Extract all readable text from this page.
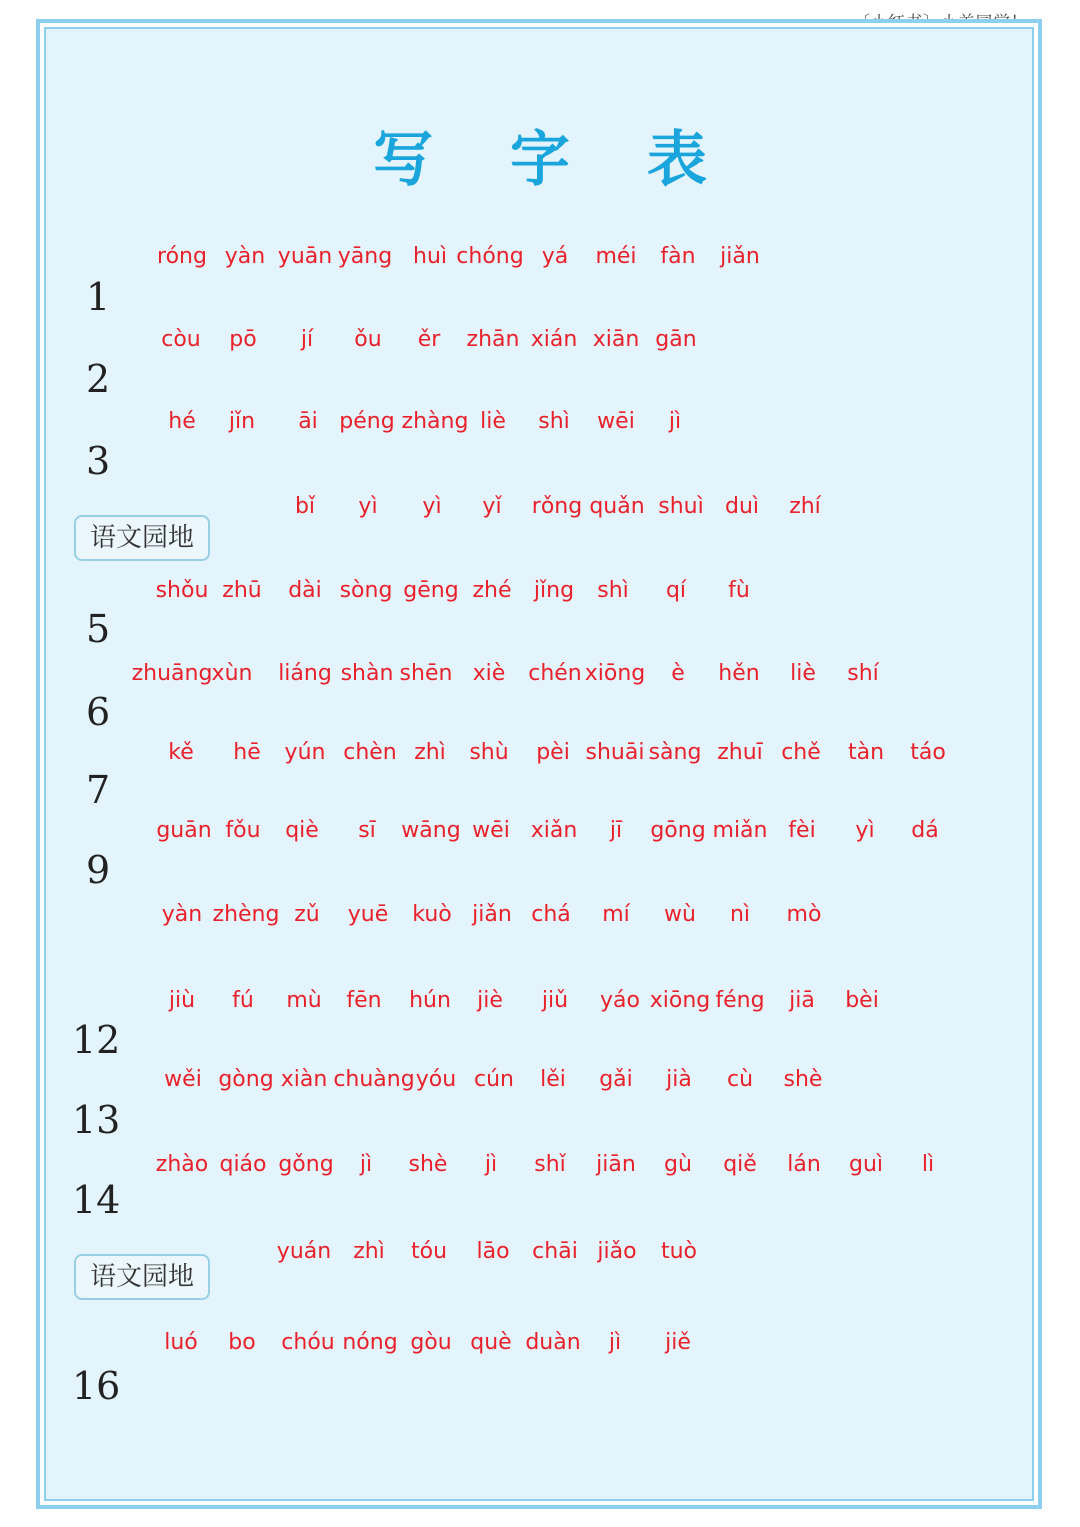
写 字 表
1
róng yàn yuān yāng huì chóng yá méi fàn jiǎn
2
còu pō jí ǒu ěr zhān xián xiān gān
3
hé jǐn āi péng zhàng liè shì wēi jì
语文园地
bǐ yì yì yǐ rǒng quǎn shuì duì zhí
5
shǒu zhū dài sòng gēng zhé jǐng shì qí fù
6
zhuāng xùn liáng shàn shēn xiè chén xiōng è hěn liè shí
7
kě hē yún chèn zhì shù pèi shuāi sàng zhuī chě tàn táo
9
guān fǒu qiè sī wāng wēi xiǎn jī gōng miǎn fèi yì dá
yàn zhèng zǔ yuē kuò jiǎn chá mí wù nì mò
12
jiù fú mù fēn hún jiè jiǔ yáo xiōng féng jiā bèi
13
wěi gòng xiàn chuàng yóu cún lěi gǎi jià cù shè
14
zhào qiáo gǒng jì shè jì shǐ jiān gù qiě lán guì lì
语文园地
yuán zhì tóu lāo chāi jiǎo tuò
16
luó bo chóu nóng gòu què duàn jì jiě
